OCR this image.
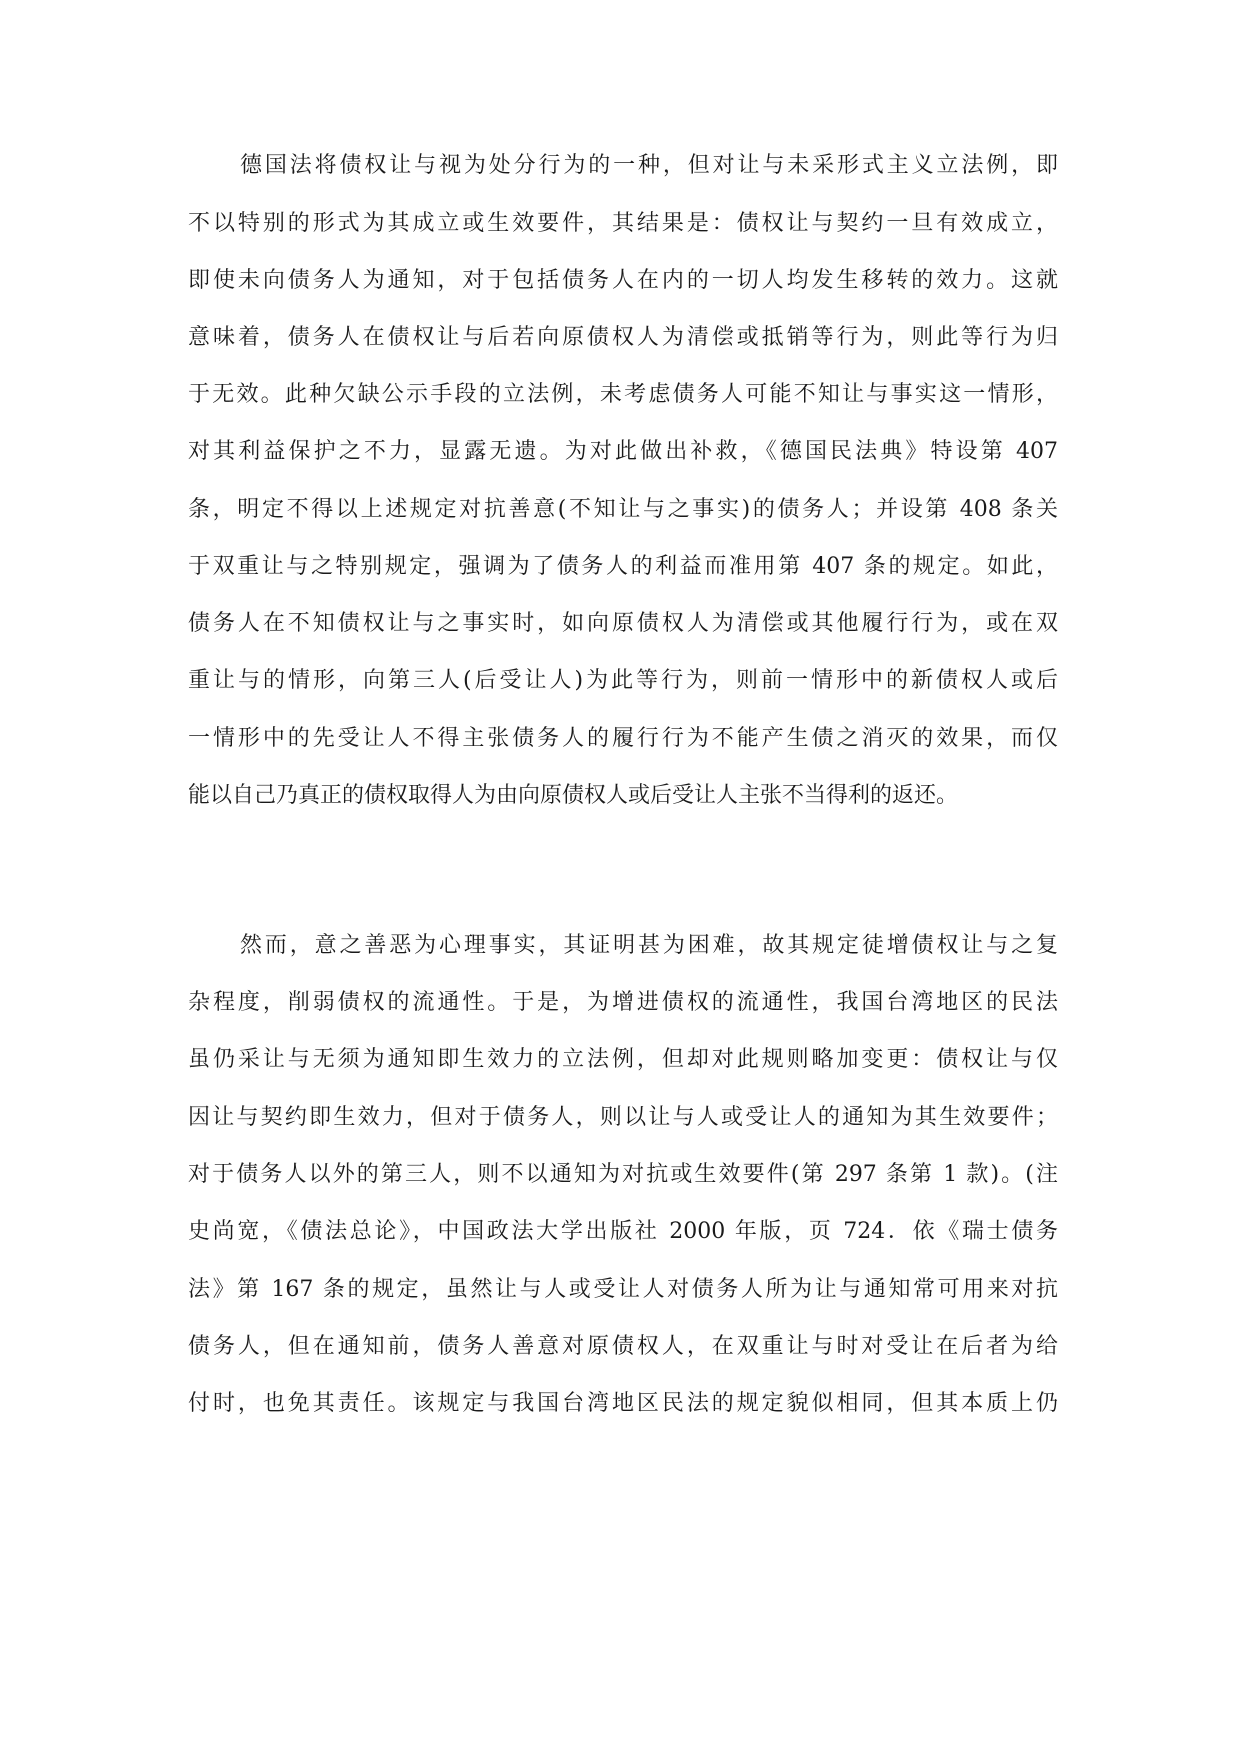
德国法将债权让与视为处分行为的一种，但对让与未采形式主义立法例，即
不以特别的形式为其成立或生效要件，其结果是：债权让与契约一旦有效成立，
即使未向债务人为通知，对于包括债务人在内的一切人均发生移转的效力。这就
意味着，债务人在债权让与后若向原债权人为清偿或抵销等行为，则此等行为归
于无效。此种欠缺公示手段的立法例，未考虑债务人可能不知让与事实这一情形，
对其利益保护之不力，显露无遗。为对此做出补救，《德国民法典》特设第 407
条，明定不得以上述规定对抗善意(不知让与之事实)的债务人；并设第 408 条关
于双重让与之特别规定，强调为了债务人的利益而准用第 407 条的规定。如此，
债务人在不知债权让与之事实时，如向原债权人为清偿或其他履行行为，或在双
重让与的情形，向第三人(后受让人)为此等行为，则前一情形中的新债权人或后
一情形中的先受让人不得主张债务人的履行行为不能产生债之消灭的效果，而仅
能以自己乃真正的债权取得人为由向原债权人或后受让人主张不当得利的返还。
然而，意之善恶为心理事实，其证明甚为困难，故其规定徒增债权让与之复
杂程度，削弱债权的流通性。于是，为增进债权的流通性，我国台湾地区的民法
虽仍采让与无须为通知即生效力的立法例，但却对此规则略加变更：债权让与仅
因让与契约即生效力，但对于债务人，则以让与人或受让人的通知为其生效要件；
对于债务人以外的第三人，则不以通知为对抗或生效要件(第 297 条第 1 款)。(注
史尚宽，《债法总论》，中国政法大学出版社 2000 年版，页 724．依《瑞士债务
法》第 167 条的规定，虽然让与人或受让人对债务人所为让与通知常可用来对抗
债务人，但在通知前，债务人善意对原债权人，在双重让与时对受让在后者为给
付时，也免其责任。该规定与我国台湾地区民法的规定貌似相同，但其本质上仍
